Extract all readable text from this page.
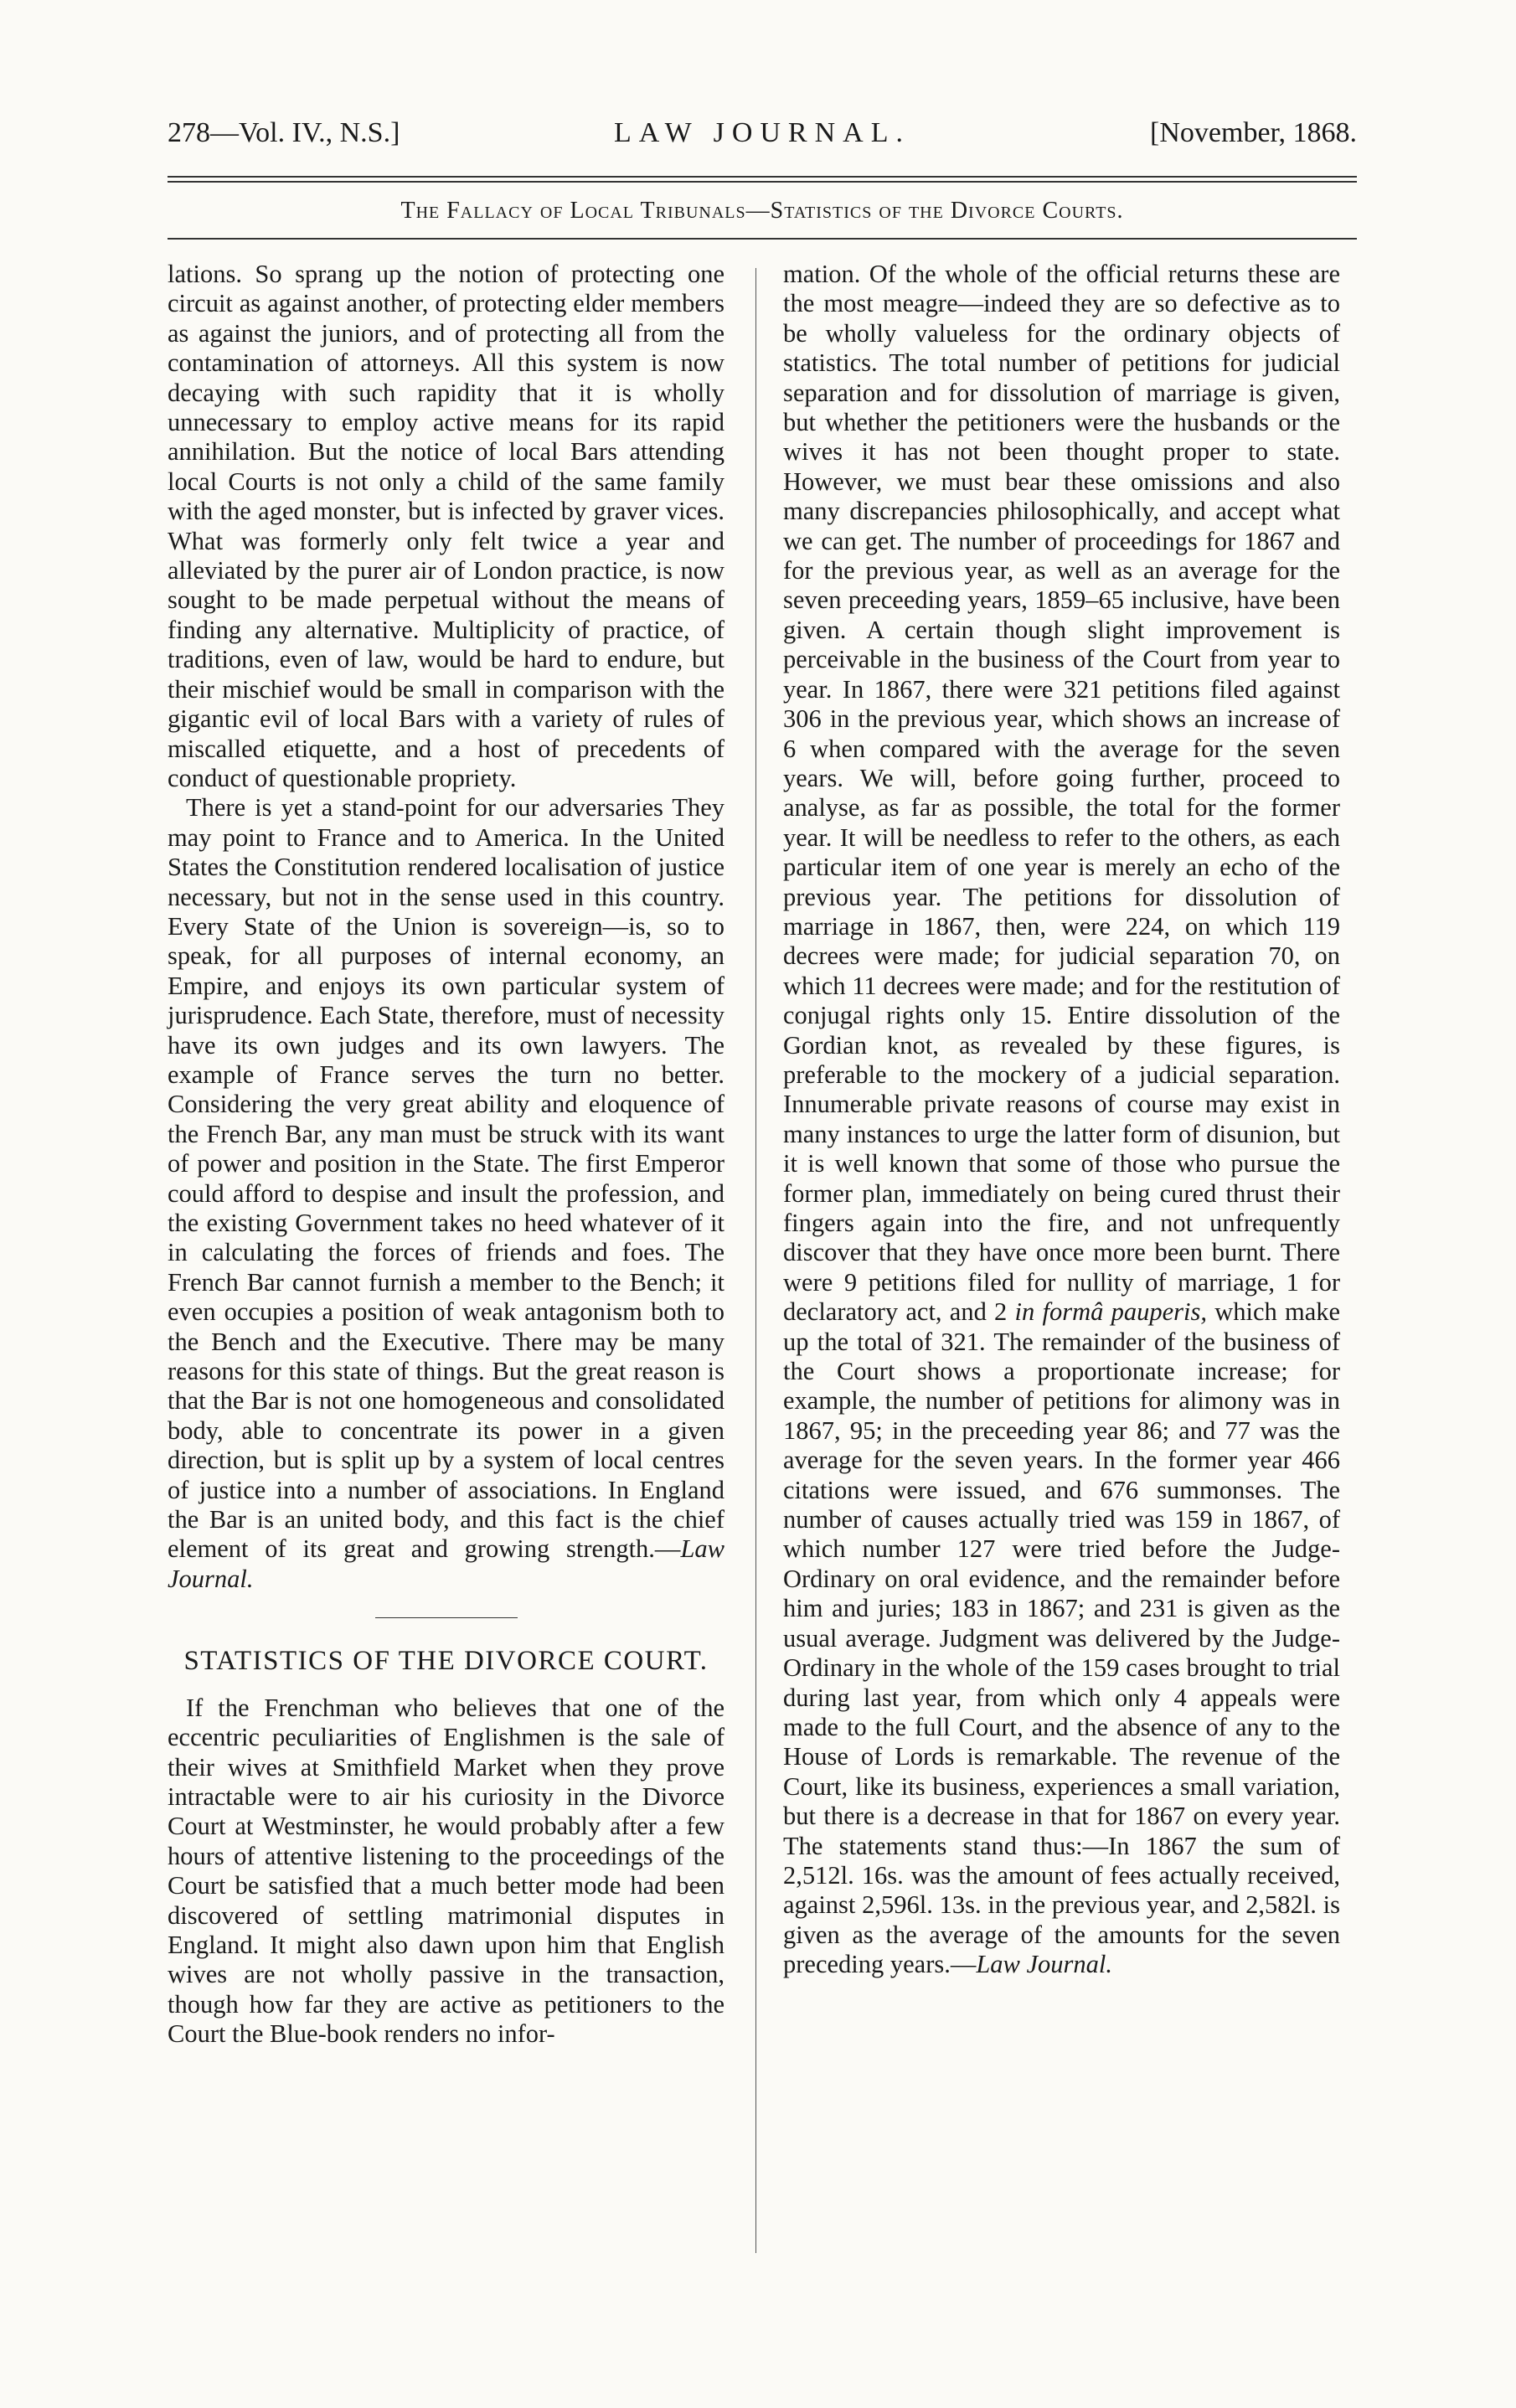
278—Vol. IV., N.S.]	LAW JOURNAL.	[November, 1868.
The Fallacy of Local Tribunals—Statistics of the Divorce Courts.

lations. So sprang up the notion of protecting one circuit as against another, of protecting elder members as against the juniors, and of protecting all from the contamination of attorneys. All this system is now decaying with such rapidity that it is wholly unnecessary to employ active means for its rapid annihilation. But the notice of local Bars attending local Courts is not only a child of the same family with the aged monster, but is infected by graver vices. What was formerly only felt twice a year and alleviated by the purer air of London practice, is now sought to be made perpetual without the means of finding any alternative. Multiplicity of practice, of traditions, even of law, would be hard to endure, but their mischief would be small in comparison with the gigantic evil of local Bars with a variety of rules of miscalled etiquette, and a host of precedents of conduct of questionable propriety.

There is yet a stand-point for our adversaries They may point to France and to America. In the United States the Constitution rendered localisation of justice necessary, but not in the sense used in this country. Every State of the Union is sovereign—is, so to speak, for all purposes of internal economy, an Empire, and enjoys its own particular system of jurisprudence. Each State, therefore, must of necessity have its own judges and its own lawyers. The example of France serves the turn no better. Considering the very great ability and eloquence of the French Bar, any man must be struck with its want of power and position in the State. The first Emperor could afford to despise and insult the profession, and the existing Government takes no heed whatever of it in calculating the forces of friends and foes. The French Bar cannot furnish a member to the Bench; it even occupies a position of weak antagonism both to the Bench and the Executive. There may be many reasons for this state of things. But the great reason is that the Bar is not one homogeneous and consolidated body, able to concentrate its power in a given direction, but is split up by a system of local centres of justice into a number of associations. In England the Bar is an united body, and this fact is the chief element of its great and growing strength.—Law Journal.

STATISTICS OF THE DIVORCE COURT.

If the Frenchman who believes that one of the eccentric peculiarities of Englishmen is the sale of their wives at Smithfield Market when they prove intractable were to air his curiosity in the Divorce Court at Westminster, he would probably after a few hours of attentive listening to the proceedings of the Court be satisfied that a much better mode had been discovered of settling matrimonial disputes in England. It might also dawn upon him that English wives are not wholly passive in the transaction, though how far they are active as petitioners to the Court the Blue-book renders no infor-

mation. Of the whole of the official returns these are the most meagre—indeed they are so defective as to be wholly valueless for the ordinary objects of statistics. The total number of petitions for judicial separation and for dissolution of marriage is given, but whether the petitioners were the husbands or the wives it has not been thought proper to state. However, we must bear these omissions and also many discrepancies philosophically, and accept what we can get. The number of proceedings for 1867 and for the previous year, as well as an average for the seven preceeding years, 1859–65 inclusive, have been given. A certain though slight improvement is perceivable in the business of the Court from year to year. In 1867, there were 321 petitions filed against 306 in the previous year, which shows an increase of 6 when compared with the average for the seven years. We will, before going further, proceed to analyse, as far as possible, the total for the former year. It will be needless to refer to the others, as each particular item of one year is merely an echo of the previous year. The petitions for dissolution of marriage in 1867, then, were 224, on which 119 decrees were made; for judicial separation 70, on which 11 decrees were made; and for the restitution of conjugal rights only 15. Entire dissolution of the Gordian knot, as revealed by these figures, is preferable to the mockery of a judicial separation. Innumerable private reasons of course may exist in many instances to urge the latter form of disunion, but it is well known that some of those who pursue the former plan, immediately on being cured thrust their fingers again into the fire, and not unfrequently discover that they have once more been burnt. There were 9 petitions filed for nullity of marriage, 1 for declaratory act, and 2 in formâ pauperis, which make up the total of 321. The remainder of the business of the Court shows a proportionate increase; for example, the number of petitions for alimony was in 1867, 95; in the preceeding year 86; and 77 was the average for the seven years. In the former year 466 citations were issued, and 676 summonses. The number of causes actually tried was 159 in 1867, of which number 127 were tried before the Judge-Ordinary on oral evidence, and the remainder before him and juries; 183 in 1867; and 231 is given as the usual average. Judgment was delivered by the Judge-Ordinary in the whole of the 159 cases brought to trial during last year, from which only 4 appeals were made to the full Court, and the absence of any to the House of Lords is remarkable. The revenue of the Court, like its business, experiences a small variation, but there is a decrease in that for 1867 on every year. The statements stand thus:—In 1867 the sum of 2,512l. 16s. was the amount of fees actually received, against 2,596l. 13s. in the previous year, and 2,582l. is given as the average of the amounts for the seven preceding years.—Law Journal.
